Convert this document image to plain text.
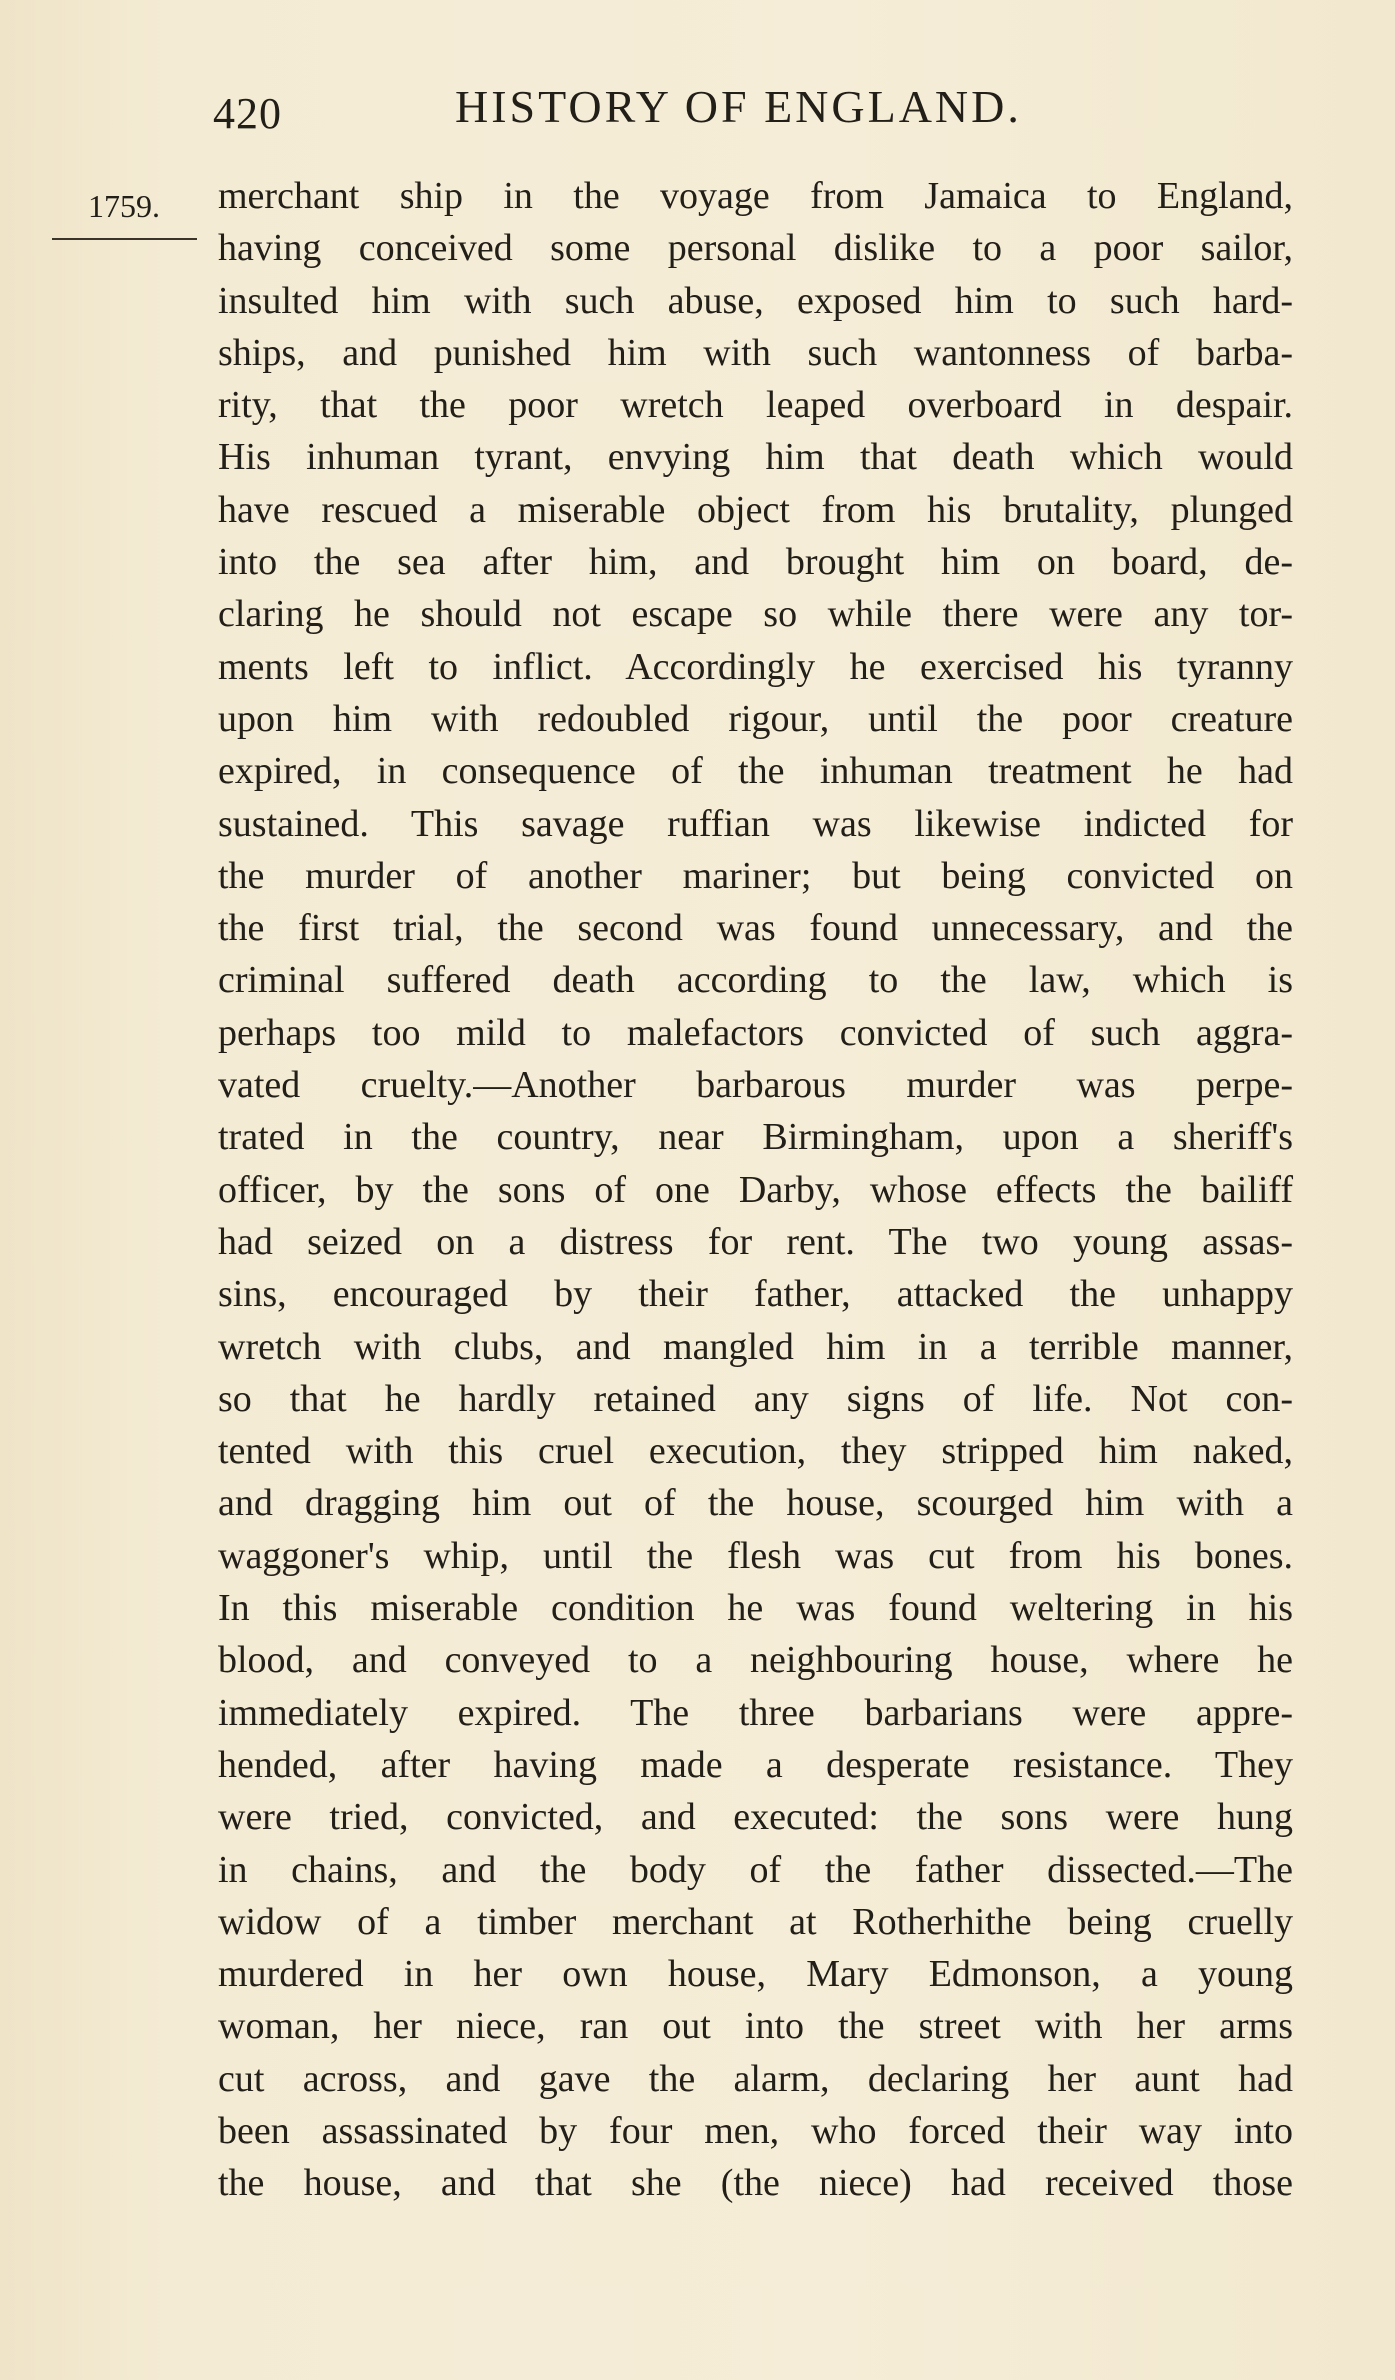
420	HISTORY OF ENGLAND.
1759. merchant ship in the voyage from Jamaica to England,
having conceived some personal dislike to a poor sailor,
insulted him with such abuse, exposed him to such hard-
ships, and punished him with such wantonness of barba-
rity, that the poor wretch leaped overboard in despair.
His inhuman tyrant, envying him that death which would
have rescued a miserable object from his brutality, plunged
into the sea after him, and brought him on board, de-
claring he should not escape so while there were any tor-
ments left to inflict. Accordingly he exercised his tyranny
upon him with redoubled rigour, until the poor creature
expired, in consequence of the inhuman treatment he had
sustained. This savage ruffian was likewise indicted for
the murder of another mariner; but being convicted on
the first trial, the second was found unnecessary, and the
criminal suffered death according to the law, which is
perhaps too mild to malefactors convicted of such aggra-
vated cruelty.—Another barbarous murder was perpe-
trated in the country, near Birmingham, upon a sheriff's
officer, by the sons of one Darby, whose effects the bailiff
had seized on a distress for rent. The two young assas-
sins, encouraged by their father, attacked the unhappy
wretch with clubs, and mangled him in a terrible manner,
so that he hardly retained any signs of life. Not con-
tented with this cruel execution, they stripped him naked,
and dragging him out of the house, scourged him with a
waggoner's whip, until the flesh was cut from his bones.
In this miserable condition he was found weltering in his
blood, and conveyed to a neighbouring house, where he
immediately expired. The three barbarians were appre-
hended, after having made a desperate resistance. They
were tried, convicted, and executed: the sons were hung
in chains, and the body of the father dissected.—The
widow of a timber merchant at Rotherhithe being cruelly
murdered in her own house, Mary Edmonson, a young
woman, her niece, ran out into the street with her arms
cut across, and gave the alarm, declaring her aunt had
been assassinated by four men, who forced their way into
the house, and that she (the niece) had received those
